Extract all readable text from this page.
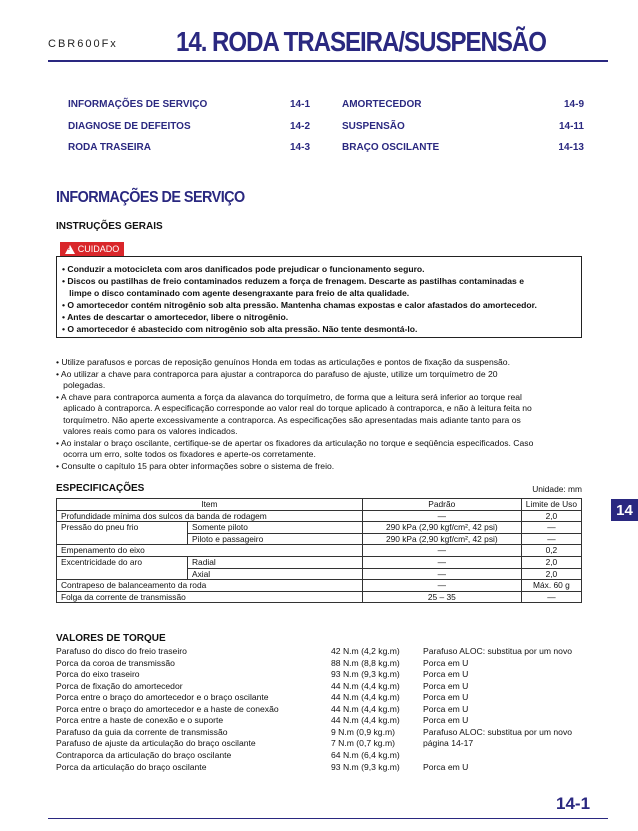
CBR600Fx 14. RODA TRASEIRA/SUSPENSÃO
INFORMAÇÕES DE SERVIÇO	14-1	AMORTECEDOR	14-9
DIAGNOSE DE DEFEITOS	14-2	SUSPENSÃO	14-11
RODA TRASEIRA	14-3	BRAÇO OSCILANTE	14-13
INFORMAÇÕES DE SERVIÇO
INSTRUÇÕES GERAIS
!
CUIDADO
• Conduzir a motocicleta com aros danificados pode prejudicar o funcionamento seguro.
• Discos ou pastilhas de freio contaminados reduzem a força de frenagem. Descarte as pastilhas contaminadas e
limpe o disco contaminado com agente desengraxante para freio de alta qualidade.
• O amortecedor contém nitrogênio sob alta pressão. Mantenha chamas expostas e calor afastados do amortecedor.
• Antes de descartar o amortecedor, libere o nitrogênio.
• O amortecedor é abastecido com nitrogênio sob alta pressão. Não tente desmontá-lo.
• Utilize parafusos e porcas de reposição genuínos Honda em todas as articulações e pontos de fixação da suspensão.
• Ao utilizar a chave para contraporca para ajustar a contraporca do parafuso de ajuste, utilize um torquímetro de 20
polegadas.
• A chave para contraporca aumenta a força da alavanca do torquímetro, de forma que a leitura será inferior ao torque real
aplicado à contraporca. A especificação corresponde ao valor real do torque aplicado à contraporca, e não à leitura feita no
torquímetro. Não aperte excessivamente a contraporca. As especificações são apresentadas mais adiante tanto para os
valores reais como para os valores indicados.
• Ao instalar o braço oscilante, certifique-se de apertar os fixadores da articulação no torque e seqüência especificados. Caso
ocorra um erro, solte todos os fixadores e aperte-os corretamente.
• Consulte o capítulo 15 para obter informações sobre o sistema de freio.
ESPECIFICAÇÕES	Unidade: mm
Item		Padrão	Limite de Uso
Profundidade mínima dos sulcos da banda de rodagem		—	2,0
Pressão do pneu frio	Somente piloto	290 kPa (2,90 kgf/cm², 42 psi)	—
	Piloto e passageiro	290 kPa (2,90 kgf/cm², 42 psi)	—
Empenamento do eixo		—	0,2
Excentricidade do aro	Radial	—	2,0
	Axial	—	2,0
Contrapeso de balanceamento da roda		—	Máx. 60 g
Folga da corrente de transmissão		25 – 35	—
14
VALORES DE TORQUE
Parafuso do disco do freio traseiro	42 N.m (4,2 kg.m)	Parafuso ALOC: substitua por um novo
Porca da coroa de transmissão	88 N.m (8,8 kg.m)	Porca em U
Porca do eixo traseiro	93 N.m (9,3 kg.m)	Porca em U
Porca de fixação do amortecedor	44 N.m (4,4 kg.m)	Porca em U
Porca entre o braço do amortecedor e o braço oscilante	44 N.m (4,4 kg.m)	Porca em U
Porca entre o braço do amortecedor e a haste de conexão	44 N.m (4,4 kg.m)	Porca em U
Porca entre a haste de conexão e o suporte	44 N.m (4,4 kg.m)	Porca em U
Parafuso da guia da corrente de transmissão	9 N.m (0,9 kg.m)	Parafuso ALOC: substitua por um novo
Parafuso de ajuste da articulação do braço oscilante	7 N.m (0,7 kg.m)	página 14-17
Contraporca da articulação do braço oscilante	64 N.m (6,4 kg.m)
Porca da articulação do braço oscilante	93 N.m (9,3 kg.m)	Porca em U
14-1
